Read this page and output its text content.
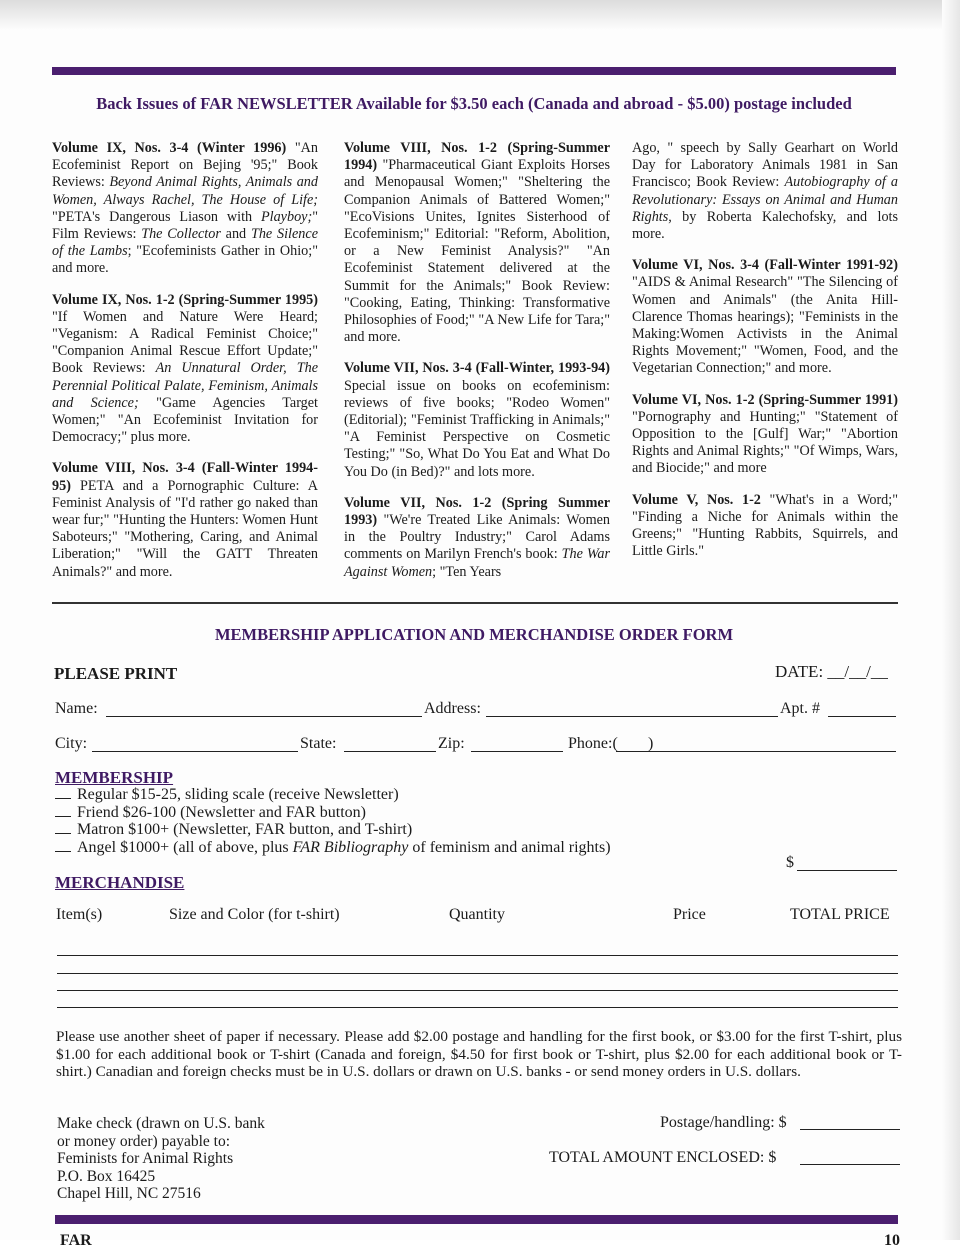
Back Issues of FAR NEWSLETTER Available for $3.50 each (Canada and abroad - $5.00) postage included

Volume IX, Nos. 3-4 (Winter 1996) "An Ecofeminist Report on Bejing '95;" Book Reviews: Beyond Animal Rights, Animals and Women, Always Rachel, The House of Life; "PETA's Dangerous Liason with Playboy;" Film Reviews: The Collector and The Silence of the Lambs; "Ecofeminists Gather in Ohio;" and more.

Volume IX, Nos. 1-2 (Spring-Summer 1995) "If Women and Nature Were Heard; "Veganism: A Radical Feminist Choice;" "Companion Animal Rescue Effort Update;" Book Reviews: An Unnatural Order, The Perennial Political Palate, Feminism, Animals and Science; "Game Agencies Target Women;" "An Ecofeminist Invitation for Democracy;" plus more.

Volume VIII, Nos. 3-4 (Fall-Winter 1994-95) PETA and a Pornographic Culture: A Feminist Analysis of "I'd rather go naked than wear fur;" "Hunting the Hunters: Women Hunt Saboteurs;" "Mothering, Caring, and Animal Liberation;" "Will the GATT Threaten Animals?" and more.

Volume VIII, Nos. 1-2 (Spring-Summer 1994) "Pharmaceutical Giant Exploits Horses and Menopausal Women;" "Sheltering the Companion Animals of Battered Women;" "EcoVisions Unites, Ignites Sisterhood of Ecofeminism;" Editorial: "Reform, Abolition, or a New Feminist Analysis?" "An Ecofeminist Statement delivered at the Summit for the Animals;" Book Review: "Cooking, Eating, Thinking: Transformative Philosophies of Food;" "A New Life for Tara;" and more.

Volume VII, Nos. 3-4 (Fall-Winter, 1993-94) Special issue on books on ecofeminism: reviews of five books; "Rodeo Women" (Editorial); "Feminist Trafficking in Animals;" "A Feminist Perspective on Cosmetic Testing;" "So, What Do You Eat and What Do You Do (in Bed)?" and lots more.

Volume VII, Nos. 1-2 (Spring Summer 1993) "We're Treated Like Animals: Women in the Poultry Industry;" Carol Adams comments on Marilyn French's book: The War Against Women; "Ten Years

Ago, " speech by Sally Gearhart on World Day for Laboratory Animals 1981 in San Francisco; Book Review: Autobiography of a Revolutionary: Essays on Animal and Human Rights, by Roberta Kalechofsky, and lots more.

Volume VI, Nos. 3-4 (Fall-Winter 1991-92) "AIDS & Animal Research" "The Silencing of Women and Animals" (the Anita Hill- Clarence Thomas hearings); "Feminists in the Making:Women Activists in the Animal Rights Movement;" "Women, Food, and the Vegetarian Connection;" and more.

Volume VI, Nos. 1-2 (Spring-Summer 1991) "Pornography and Hunting;" "Statement of Opposition to the [Gulf] War;" "Abortion Rights and Animal Rights;" "Of Wimps, Wars, and Biocide;" and more

Volume V, Nos. 1-2 "What's in a Word;" "Finding a Niche for Animals within the Greens;" "Hunting Rabbits, Squirrels, and Little Girls."

MEMBERSHIP APPLICATION AND MERCHANDISE ORDER FORM
PLEASE PRINT	DATE: __/__/__
Name:	Address:	Apt. #
City:	State:	Zip:	Phone:( )
MEMBERSHIP
Regular $15-25, sliding scale (receive Newsletter)
Friend $26-100 (Newsletter and FAR button)
Matron $100+ (Newsletter, FAR button, and T-shirt)
Angel $1000+ (all of above, plus FAR Bibliography of feminism and animal rights)
$
MERCHANDISE
Item(s)	Size and Color (for t-shirt)	Quantity	Price	TOTAL PRICE
Please use another sheet of paper if necessary. Please add $2.00 postage and handling for the first book, or $3.00 for the first T-shirt, plus $1.00 for each additional book or T-shirt (Canada and foreign, $4.50 for first book or T-shirt, plus $2.00 for each additional book or T-shirt.) Canadian and foreign checks must be in U.S. dollars or drawn on U.S. banks - or send money orders in U.S. dollars.
Make check (drawn on U.S. bank
or money order) payable to:
Feminists for Animal Rights
P.O. Box 16425
Chapel Hill, NC 27516
Postage/handling: $
TOTAL AMOUNT ENCLOSED: $
FAR	10
